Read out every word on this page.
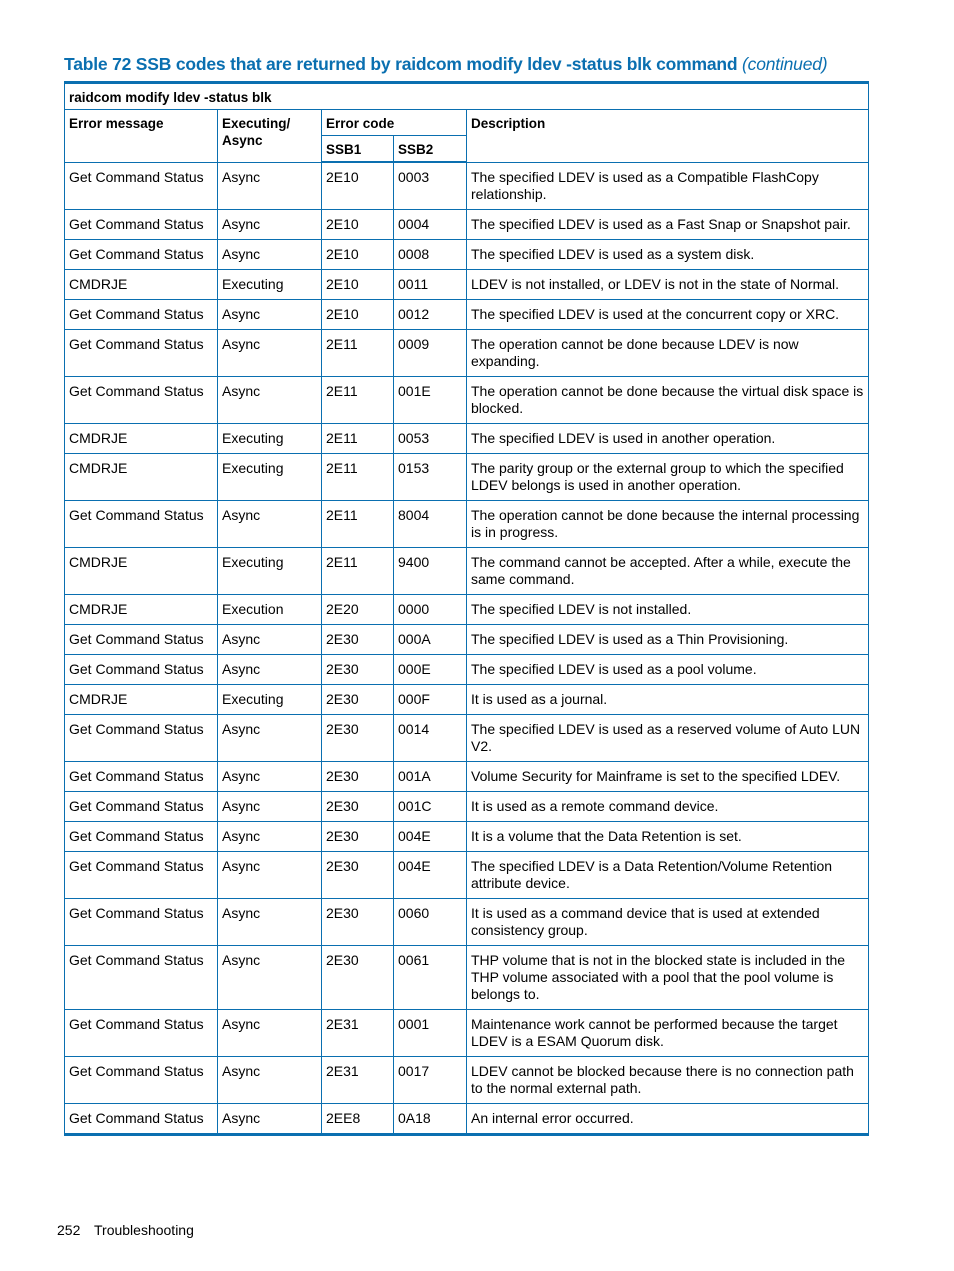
Table 72 SSB codes that are returned by raidcom modify ldev -status blk command (continued)
raidcom modify ldev -status blk				
Error message	Executing/ Async	Error code		Description
		SSB1	SSB2	
Get Command Status	Async	2E10	0003	The specified LDEV is used as a Compatible FlashCopy relationship.
Get Command Status	Async	2E10	0004	The specified LDEV is used as a Fast Snap or Snapshot pair.
Get Command Status	Async	2E10	0008	The specified LDEV is used as a system disk.
CMDRJE	Executing	2E10	0011	LDEV is not installed, or LDEV is not in the state of Normal.
Get Command Status	Async	2E10	0012	The specified LDEV is used at the concurrent copy or XRC.
Get Command Status	Async	2E11	0009	The operation cannot be done because LDEV is now expanding.
Get Command Status	Async	2E11	001E	The operation cannot be done because the virtual disk space is blocked.
CMDRJE	Executing	2E11	0053	The specified LDEV is used in another operation.
CMDRJE	Executing	2E11	0153	The parity group or the external group to which the specified LDEV belongs is used in another operation.
Get Command Status	Async	2E11	8004	The operation cannot be done because the internal processing is in progress.
CMDRJE	Executing	2E11	9400	The command cannot be accepted. After a while, execute the same command.
CMDRJE	Execution	2E20	0000	The specified LDEV is not installed.
Get Command Status	Async	2E30	000A	The specified LDEV is used as a Thin Provisioning.
Get Command Status	Async	2E30	000E	The specified LDEV is used as a pool volume.
CMDRJE	Executing	2E30	000F	It is used as a journal.
Get Command Status	Async	2E30	0014	The specified LDEV is used as a reserved volume of Auto LUN V2.
Get Command Status	Async	2E30	001A	Volume Security for Mainframe is set to the specified LDEV.
Get Command Status	Async	2E30	001C	It is used as a remote command device.
Get Command Status	Async	2E30	004E	It is a volume that the Data Retention is set.
Get Command Status	Async	2E30	004E	The specified LDEV is a Data Retention/Volume Retention attribute device.
Get Command Status	Async	2E30	0060	It is used as a command device that is used at extended consistency group.
Get Command Status	Async	2E30	0061	THP volume that is not in the blocked state is included in the THP volume associated with a pool that the pool volume is belongs to.
Get Command Status	Async	2E31	0001	Maintenance work cannot be performed because the target LDEV is a ESAM Quorum disk.
Get Command Status	Async	2E31	0017	LDEV cannot be blocked because there is no connection path to the normal external path.
Get Command Status	Async	2EE8	0A18	An internal error occurred.
252 Troubleshooting
